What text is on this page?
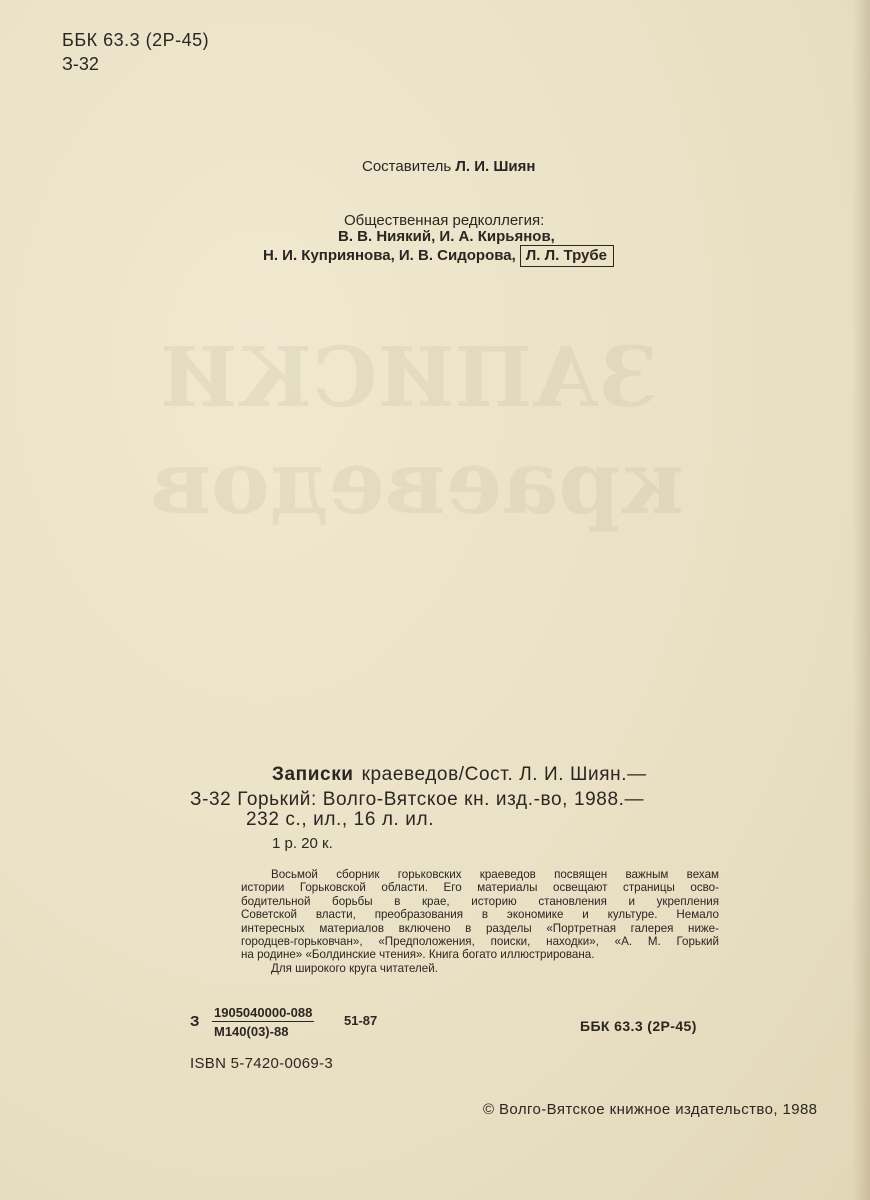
ЗАПИСКИ
краеведов
ББК 63.3 (2Р-45)
З-32
Составитель Л. И. Шиян
Общественная редколлегия:
В. В. Ниякий, И. А. Кирьянов,
Н. И. Куприянова, И. В. Сидорова, Л. Л. Трубе
Записки краеведов/Сост. Л. И. Шиян.—
З-32 Горький: Волго-Вятское кн. изд.-во, 1988.—
232 с., ил., 16 л. ил.
1 р. 20 к.
Восьмой сборник горьковских краеведов посвящен важным вехам
истории Горьковской области. Его материалы освещают страницы осво-
бодительной борьбы в крае, историю становления и укрепления
Советской власти, преобразования в экономике и культуре. Немало
интересных материалов включено в разделы «Портретная галерея ниже-
городцев-горьковчан», «Предположения, поиски, находки», «А. М. Горький
на родине» «Болдинские чтения». Книга богато иллюстрирована.
Для широкого круга читателей.
З
1905040000-088
М140(03)-88
51-87	ББК 63.3 (2Р-45)
ISBN 5-7420-0069-3
© Волго-Вятское книжное издательство, 1988
